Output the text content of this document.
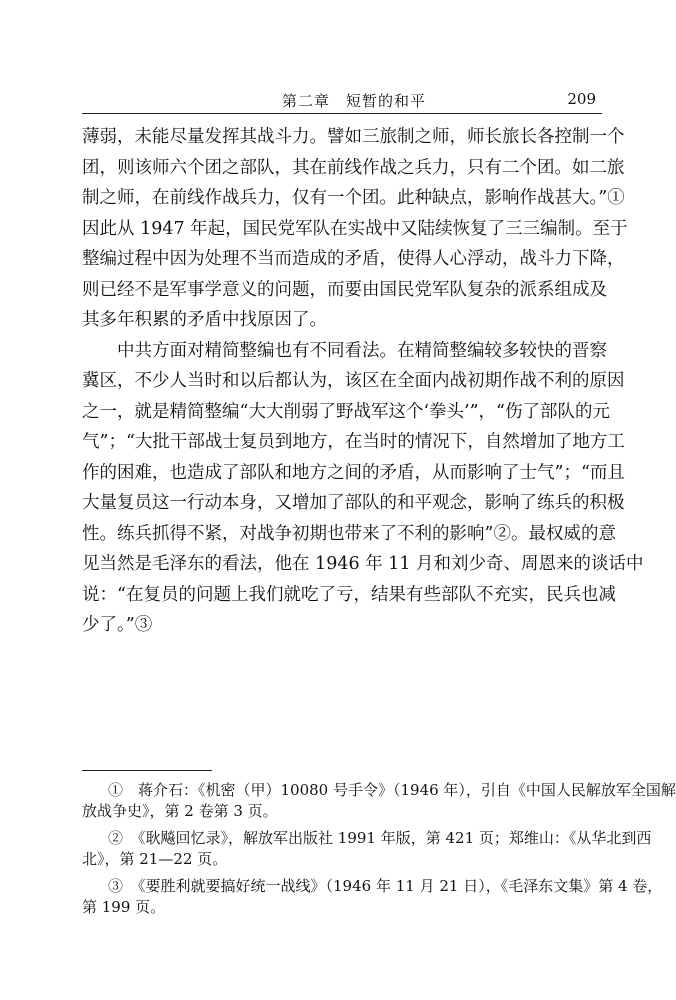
第二章　短暂的和平	209
薄弱，未能尽量发挥其战斗力。譬如三旅制之师，师长旅长各控制一个
团，则该师六个团之部队，其在前线作战之兵力，只有二个团。如二旅
制之师，在前线作战兵力，仅有一个团。此种缺点，影响作战甚大。”①
因此从 1947 年起，国民党军队在实战中又陆续恢复了三三编制。至于
整编过程中因为处理不当而造成的矛盾，使得人心浮动，战斗力下降，
则已经不是军事学意义的问题，而要由国民党军队复杂的派系组成及
其多年积累的矛盾中找原因了。
中共方面对精简整编也有不同看法。在精简整编较多较快的晋察
冀区，不少人当时和以后都认为，该区在全面内战初期作战不利的原因
之一，就是精简整编“大大削弱了野战军这个‘拳头’”，“伤了部队的元
气”；“大批干部战士复员到地方，在当时的情况下，自然增加了地方工
作的困难，也造成了部队和地方之间的矛盾，从而影响了士气”；“而且
大量复员这一行动本身，又增加了部队的和平观念，影响了练兵的积极
性。练兵抓得不紧，对战争初期也带来了不利的影响”②。最权威的意
见当然是毛泽东的看法，他在 1946 年 11 月和刘少奇、周恩来的谈话中
说：“在复员的问题上我们就吃了亏，结果有些部队不充实，民兵也减
少了。”③
①　蒋介石：《机密（甲）10080 号手令》（1946 年），引自《中国人民解放军全国解
放战争史》，第 2 卷第 3 页。
②　《耿飚回忆录》，解放军出版社 1991 年版，第 421 页；郑维山：《从华北到西
北》，第 21—22 页。
③　《要胜利就要搞好统一战线》（1946 年 11 月 21 日），《毛泽东文集》第 4 卷，
第 199 页。
